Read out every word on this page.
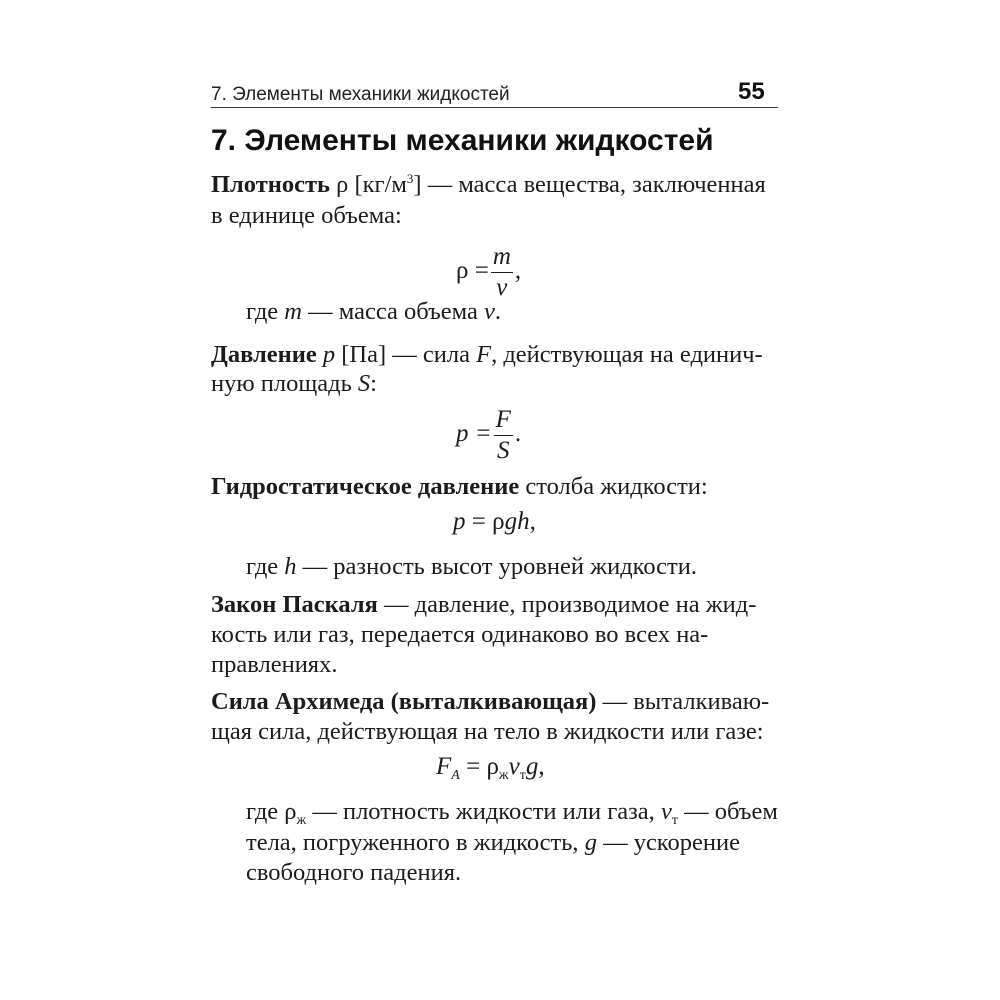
7. Элементы механики жидкостей	55
7. Элементы механики жидкостей
Плотность ρ $[кг/м^3]$ — масса вещества, заключенная
в единице объема:
$\rho = \frac{m}{v}$ ,
где m — масса объема v.
Давление p [Па] — сила F, действующая на единич-
ную площадь S:
$p = \frac{F}{S}$ .
Гидростатическое давление столба жидкости:
p = ρgh,
где h — разность высот уровней жидкости.
Закон Паскаля — давление, производимое на жид-
кость или газ, передается одинаково во всех на-
правлениях.
Сила Архимеда (выталкивающая) — выталкиваю-
щая сила, действующая на тело в жидкости или газе:
$F_A = \rho_жv_тg$,
где $\rho_ж$ — плотность жидкости или газа, $v_т$ — объем
тела, погруженного в жидкость, g — ускорение
свободного падения.
